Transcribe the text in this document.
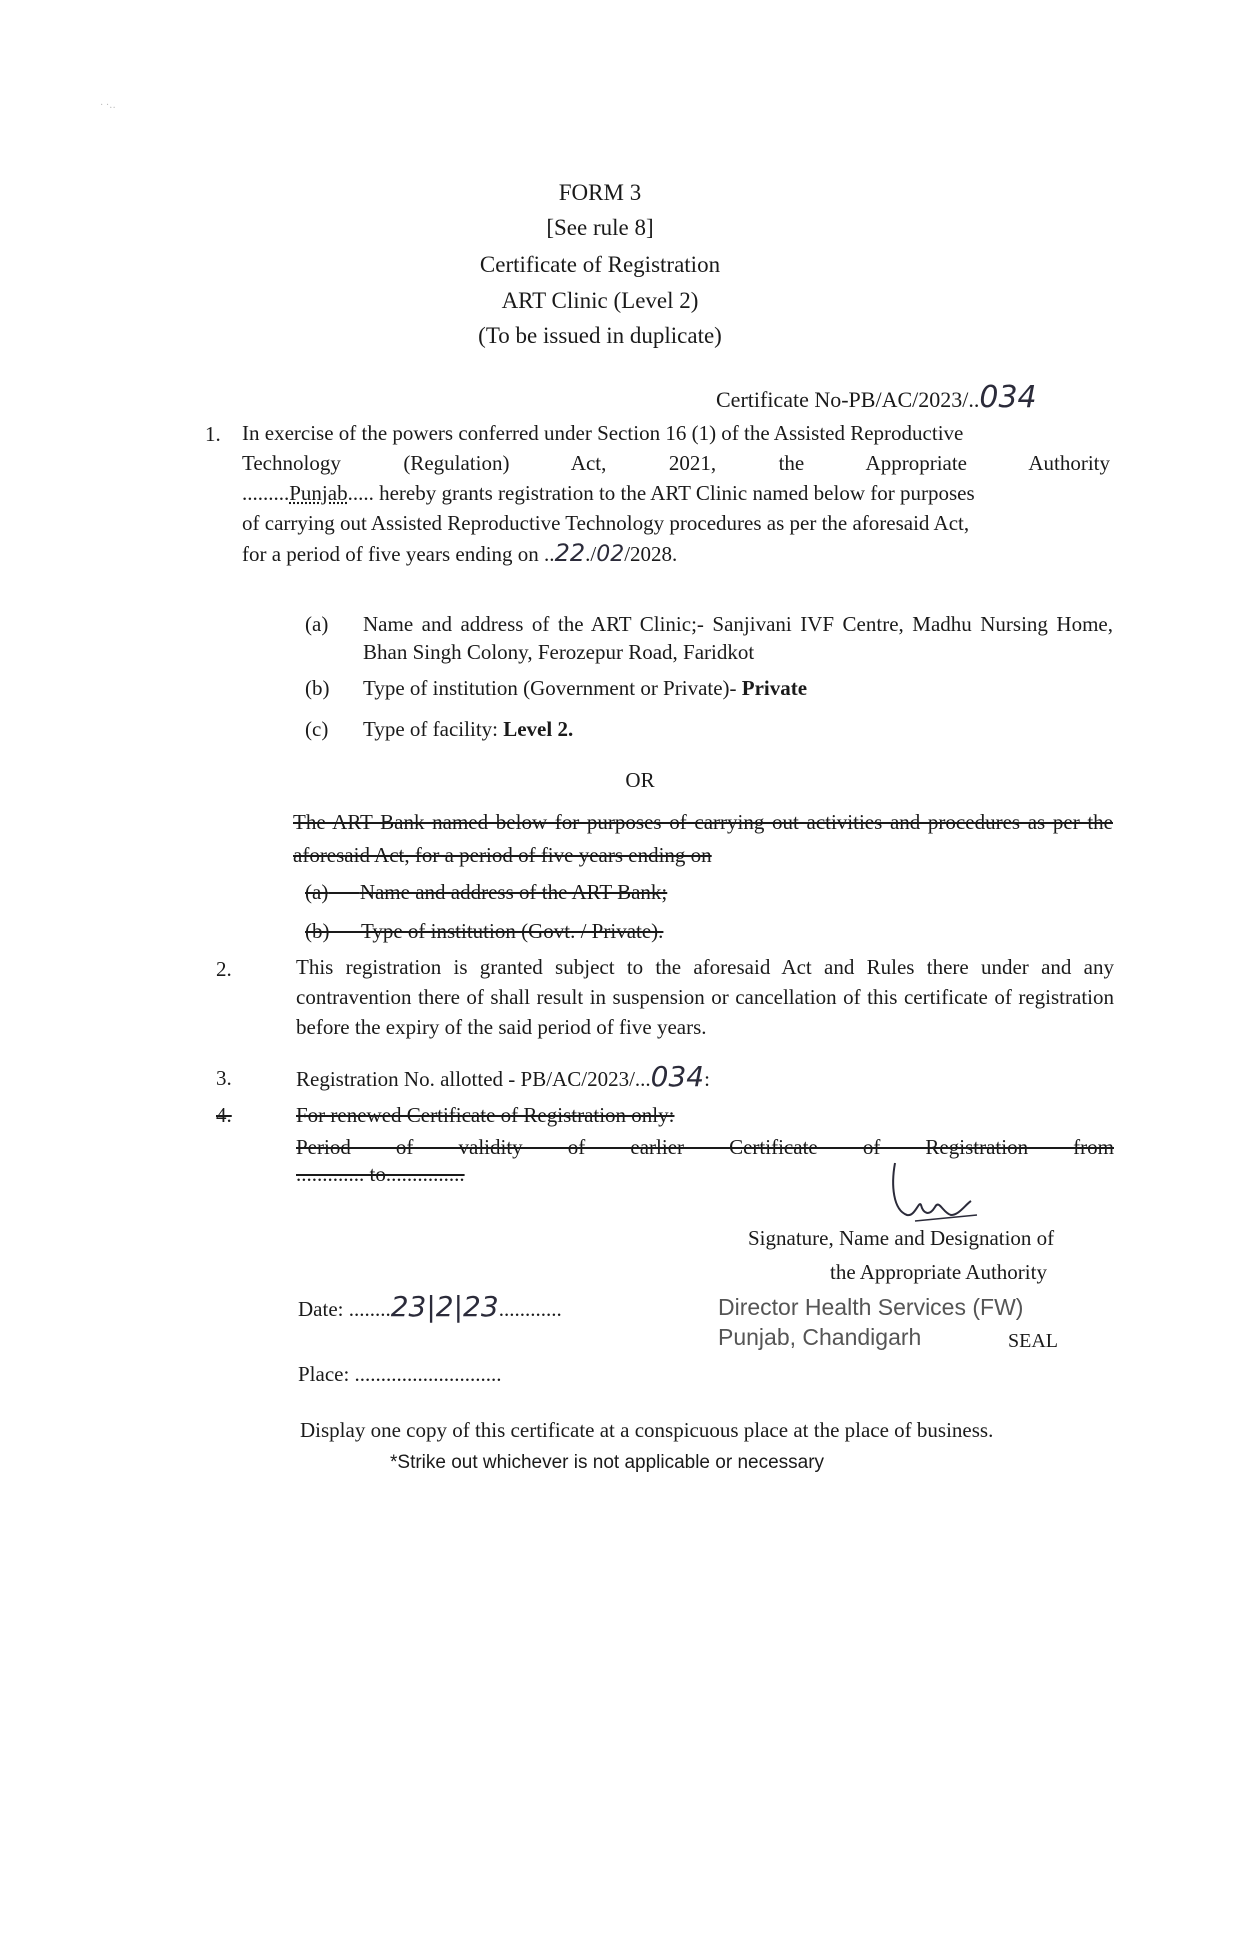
· ·‥
FORM 3
[See rule 8]
Certificate of Registration
ART Clinic (Level 2)
(To be issued in duplicate)
Certificate No-PB/AC/2023/..034
1. In exercise of the powers conferred under Section 16 (1) of the Assisted Reproductive
Technology (Regulation) Act, 2021, the Appropriate Authority
.........Punjab..... hereby grants registration to the ART Clinic named below for purposes
of carrying out Assisted Reproductive Technology procedures as per the aforesaid Act,
for a period of five years ending on ..22./02/2028.
(a) Name and address of the ART Clinic;- Sanjivani IVF Centre, Madhu Nursing Home, Bhan Singh Colony, Ferozepur Road, Faridkot
(b) Type of institution (Government or Private)- Private
(c) Type of facility: Level 2.
OR
The ART Bank named below for purposes of carrying out activities and procedures as per the aforesaid Act, for a period of five years ending on
(a) Name and address of the ART Bank;
(b) Type of institution (Govt. / Private).
2.	This registration is granted subject to the aforesaid Act and Rules there under and any contravention there of shall result in suspension or cancellation of this certificate of registration before the expiry of the said period of five years.
3.	Registration No. allotted - PB/AC/2023/...034:
4.	For renewed Certificate of Registration only:
Period of validity of earlier Certificate of Registration from
............. to...............
Signature, Name and Designation of
the Appropriate Authority
Director Health Services (FW)
Punjab, Chandigarh	SEAL
Date: ........23|2|23............
Place: ............................
Display one copy of this certificate at a conspicuous place at the place of business.
*Strike out whichever is not applicable or necessary
